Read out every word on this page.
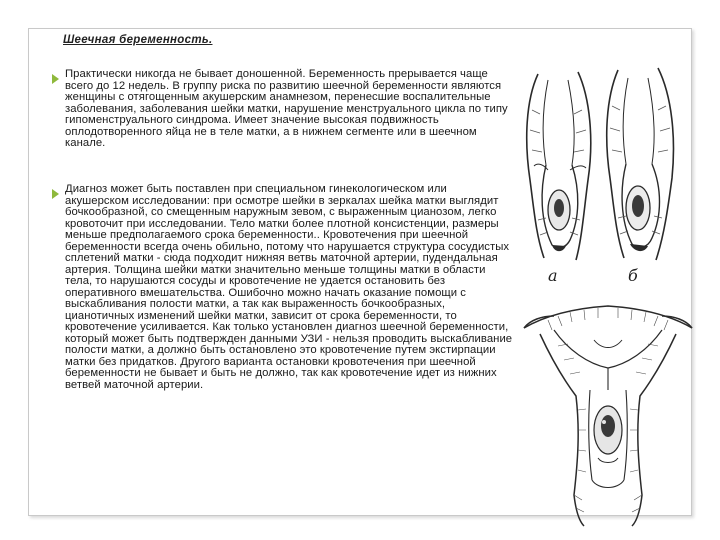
Шеечная беременность.
Практически никогда не бывает доношенной. Беременность прерывается чаще всего до 12 недель. В группу риска по развитию шеечной беременности являются женщины с отягощенным акушерским анамнезом, перенесшие воспалительные заболевания, заболевания шейки матки, нарушение менструального цикла по типу гипоменструального синдрома. Имеет значение высокая подвижность оплодотворенного яйца не в теле матки, а в нижнем сегменте или в шеечном канале.
Диагноз может быть поставлен при специальном гинекологическом или акушерском исследовании: при осмотре шейки в зеркалах шейка матки выглядит бочкообразной, со смещенным наружным зевом, с выраженным цианозом, легко кровоточит при исследовании. Тело матки более плотной консистенции, размеры меньше предполагаемого срока беременности.. Кровотечения при шеечной беременности всегда очень обильно, потому что нарушается структура сосудистых сплетений матки - сюда подходит нижняя ветвь маточной артерии, пудендальная артерия. Толщина шейки матки значительно меньше толщины матки в области тела, то нарушаются сосуды и кровотечение не удается остановить без оперативного вмешательства. Ошибочно можно начать оказание помощи с выскабливания полости матки, а так как выраженность бочкообразных, цианотичных изменений шейки матки, зависит от срока беременности, то кровотечение усиливается. Как только установлен диагноз шеечной беременности, который может быть подтвержден данными УЗИ - нельзя проводить выскабливание полости матки, а должно быть остановлено это кровотечение путем экстирпации матки без придатков. Другого варианта остановки кровотечения при шеечной беременности не бывает и быть не должно, так как кровотечение идет из нижних ветвей маточной артерии.
а	б
